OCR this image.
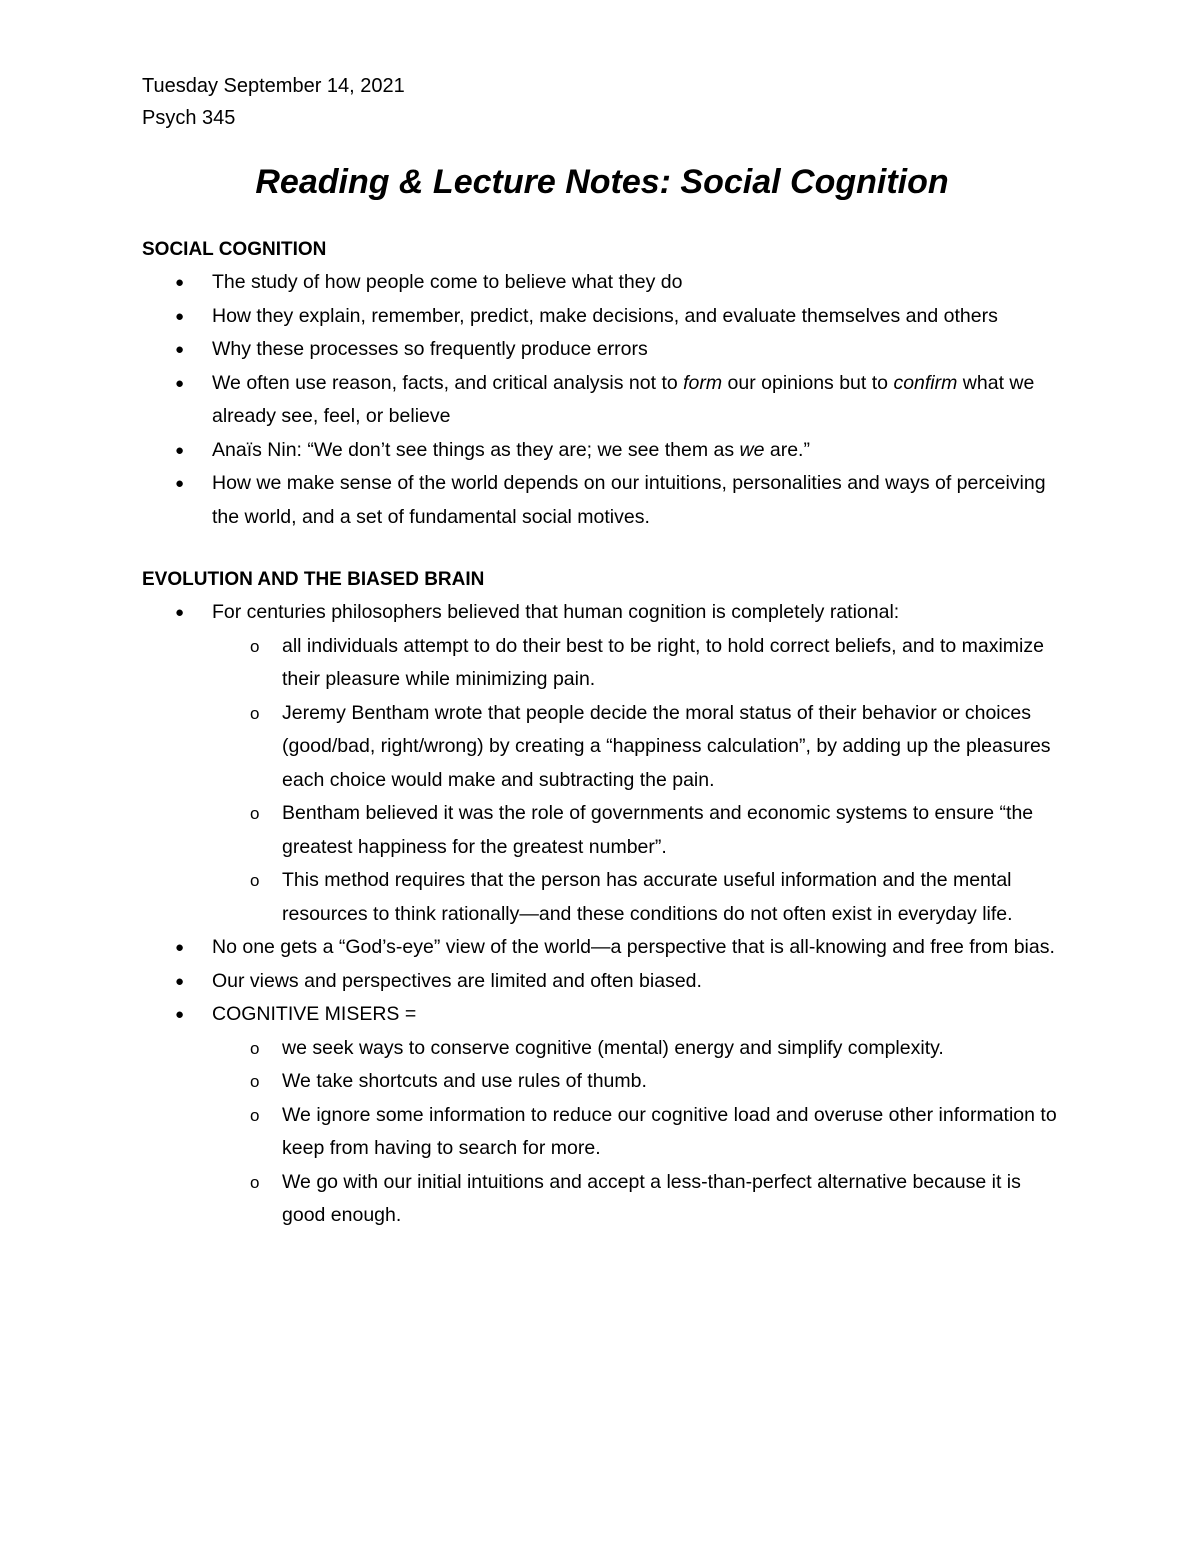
Tuesday September 14, 2021

Psych 345

Reading & Lecture Notes: Social Cognition
SOCIAL COGNITION
● The study of how people come to believe what they do
● How they explain, remember, predict, make decisions, and evaluate themselves and others
● Why these processes so frequently produce errors
● We often use reason, facts, and critical analysis not to form our opinions but to confirm what we already see, feel, or believe
● Anaïs Nin: “We don’t see things as they are; we see them as we are.”
● How we make sense of the world depends on our intuitions, personalities and ways of perceiving the world, and a set of fundamental social motives.
EVOLUTION AND THE BIASED BRAIN
● For centuries philosophers believed that human cognition is completely rational:
o all individuals attempt to do their best to be right, to hold correct beliefs, and to maximize their pleasure while minimizing pain.
o Jeremy Bentham wrote that people decide the moral status of their behavior or choices (good/bad, right/wrong) by creating a “happiness calculation”, by adding up the pleasures each choice would make and subtracting the pain.
o Bentham believed it was the role of governments and economic systems to ensure “the greatest happiness for the greatest number”.
o This method requires that the person has accurate useful information and the mental resources to think rationally—and these conditions do not often exist in everyday life.
● No one gets a “God’s-eye” view of the world—a perspective that is all-knowing and free from bias.
● Our views and perspectives are limited and often biased.
● COGNITIVE MISERS =
o we seek ways to conserve cognitive (mental) energy and simplify complexity.
o We take shortcuts and use rules of thumb.
o We ignore some information to reduce our cognitive load and overuse other information to keep from having to search for more.
o We go with our initial intuitions and accept a less-than-perfect alternative because it is good enough.
